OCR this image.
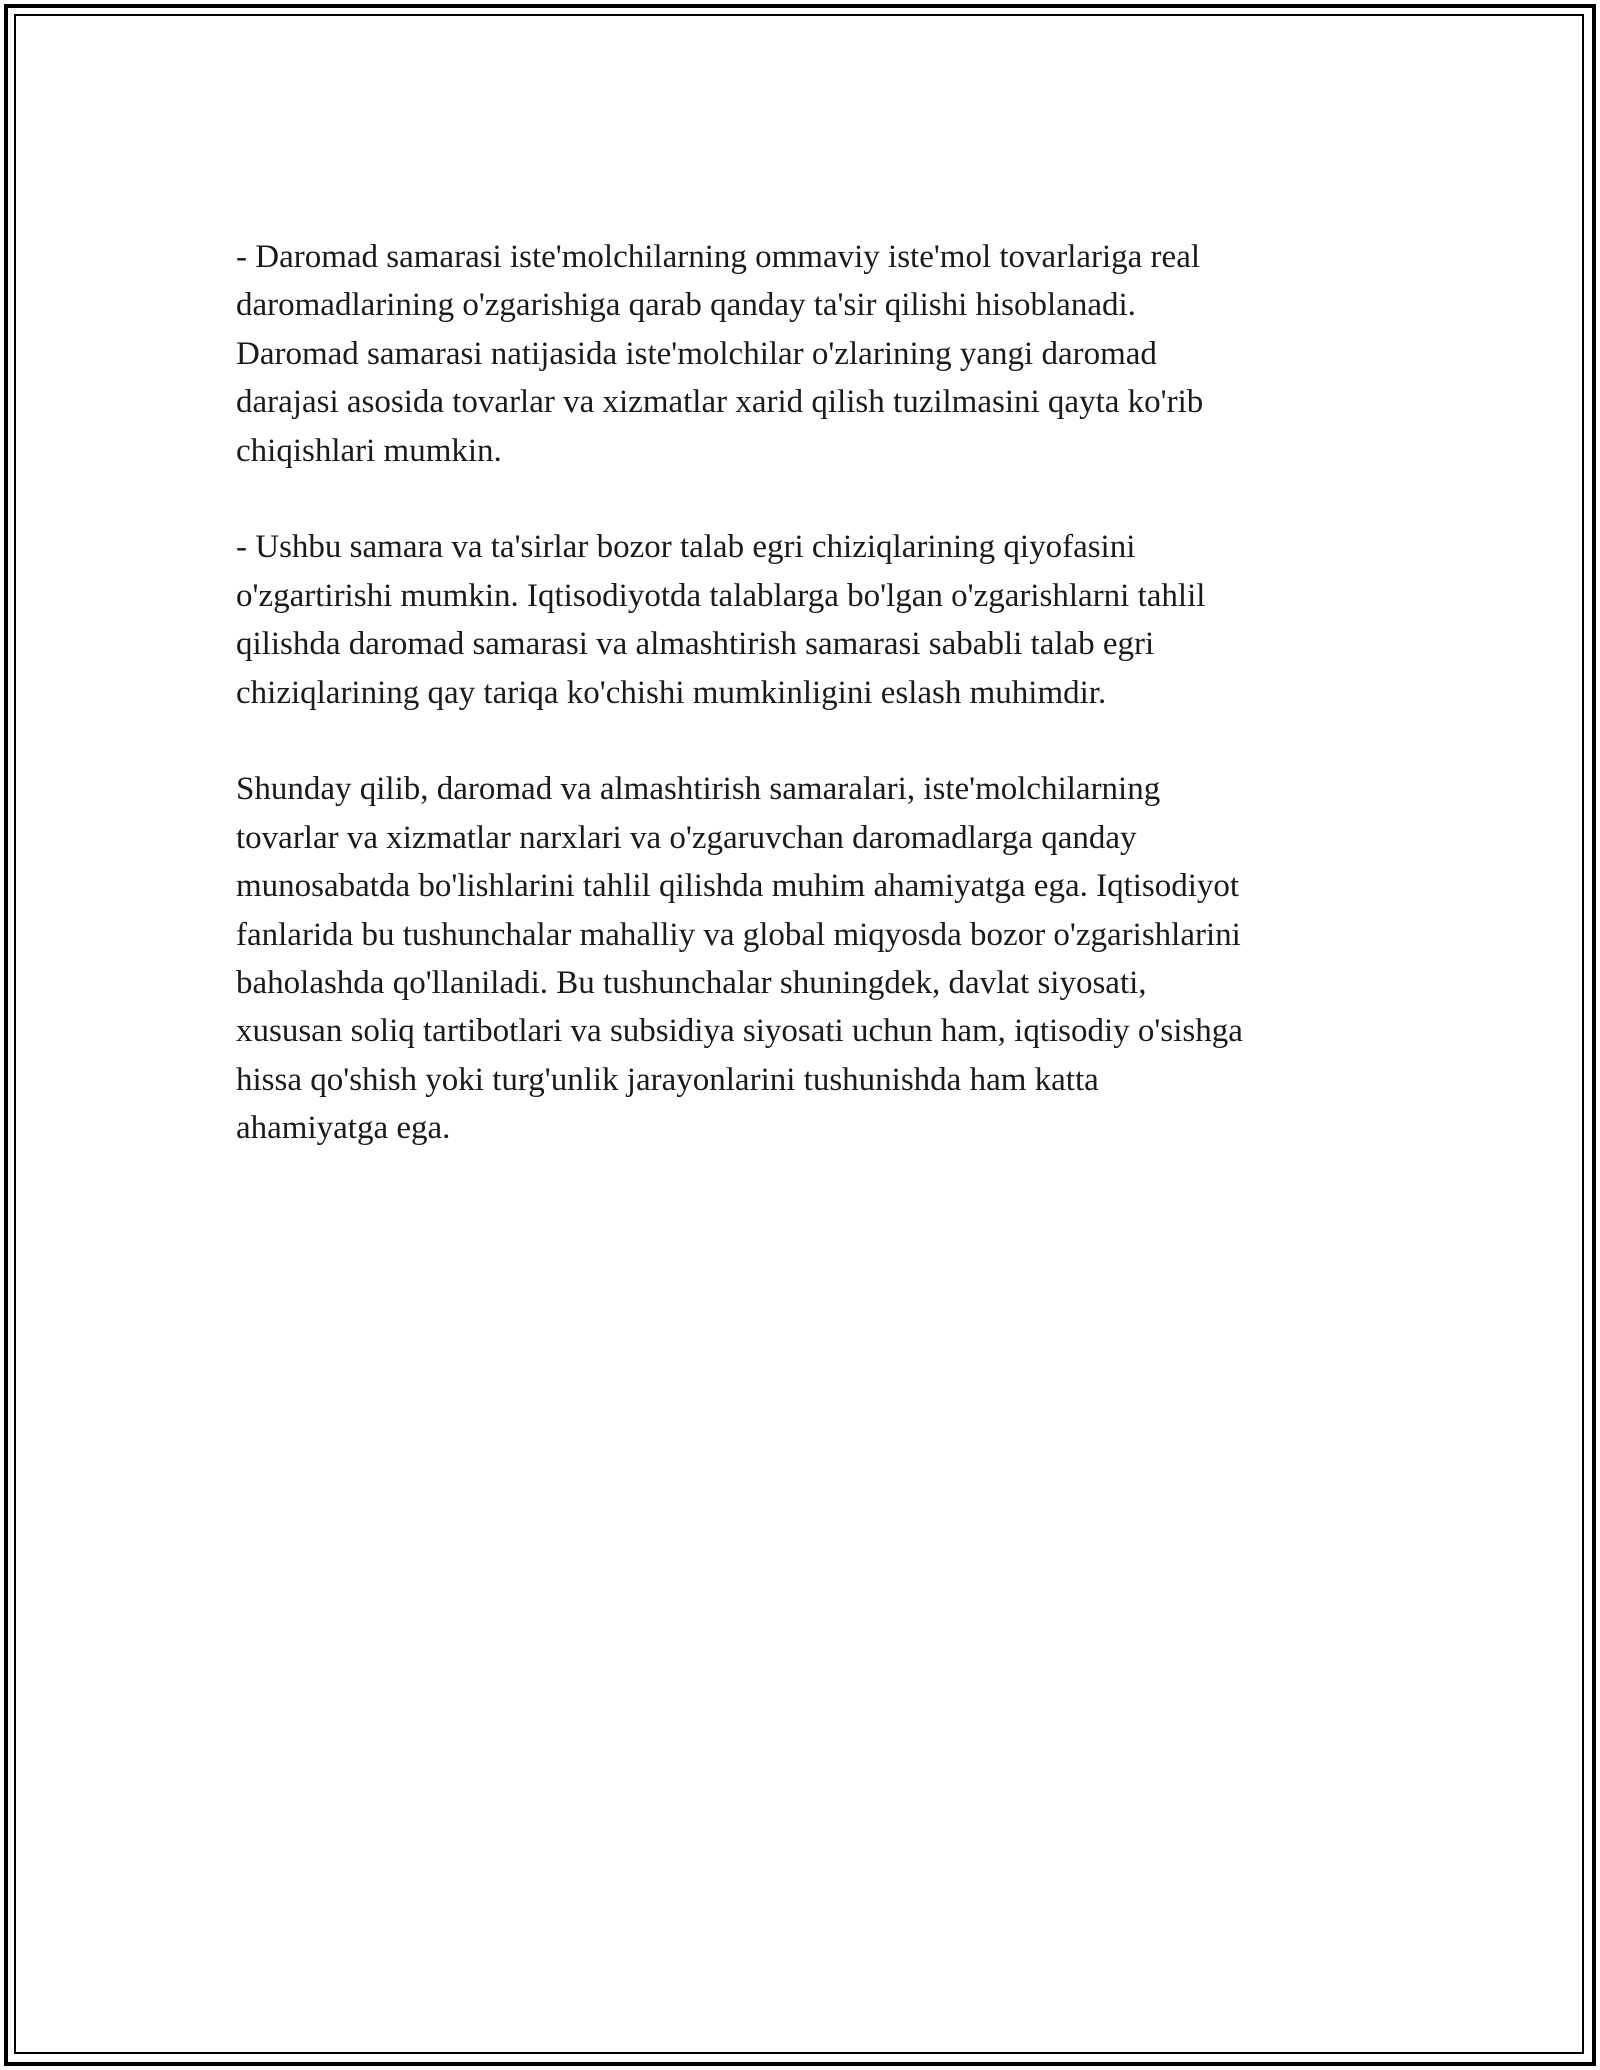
- Daromad samarasi iste'molchilarning ommaviy iste'mol tovarlariga real
daromadlarining o'zgarishiga qarab qanday ta'sir qilishi hisoblanadi.
Daromad samarasi natijasida iste'molchilar o'zlarining yangi daromad
darajasi asosida tovarlar va xizmatlar xarid qilish tuzilmasini qayta ko'rib
chiqishlari mumkin.

- Ushbu samara va ta'sirlar bozor talab egri chiziqlarining qiyofasini
o'zgartirishi mumkin. Iqtisodiyotda talablarga bo'lgan o'zgarishlarni tahlil
qilishda daromad samarasi va almashtirish samarasi sababli talab egri
chiziqlarining qay tariqa ko'chishi mumkinligini eslash muhimdir.

Shunday qilib, daromad va almashtirish samaralari, iste'molchilarning
tovarlar va xizmatlar narxlari va o'zgaruvchan daromadlarga qanday
munosabatda bo'lishlarini tahlil qilishda muhim ahamiyatga ega. Iqtisodiyot
fanlarida bu tushunchalar mahalliy va global miqyosda bozor o'zgarishlarini
baholashda qo'llaniladi. Bu tushunchalar shuningdek, davlat siyosati,
xususan soliq tartibotlari va subsidiya siyosati uchun ham, iqtisodiy o'sishga
hissa qo'shish yoki turg'unlik jarayonlarini tushunishda ham katta
ahamiyatga ega.
